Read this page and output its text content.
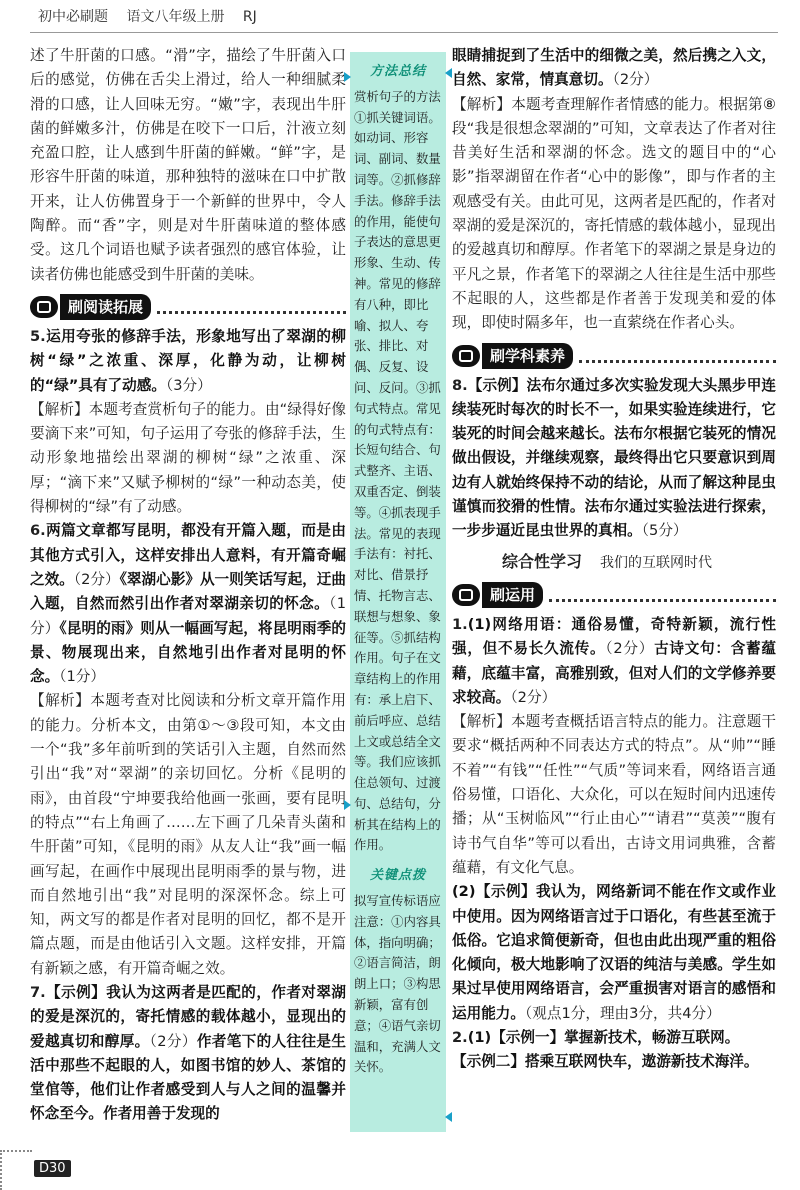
初中必刷题 语文八年级上册 RJ

述了牛肝菌的口感。“滑”字，描绘了牛肝菌入口后的感觉，仿佛在舌尖上滑过，给人一种细腻柔滑的口感，让人回味无穷。“嫩”字，表现出牛肝菌的鲜嫩多汁，仿佛是在咬下一口后，汁液立刻充盈口腔，让人感到牛肝菌的鲜嫩。“鲜”字，是形容牛肝菌的味道，那种独特的滋味在口中扩散开来，让人仿佛置身于一个新鲜的世界中，令人陶醉。而“香”字，则是对牛肝菌味道的整体感受。这几个词语也赋予读者强烈的感官体验，让读者仿佛也能感受到牛肝菌的美味。

刷阅读拓展

5.运用夸张的修辞手法，形象地写出了翠湖的柳树“绿”之浓重、深厚，化静为动，让柳树的“绿”具有了动感。（3分）

【解析】本题考查赏析句子的能力。由“绿得好像要滴下来”可知，句子运用了夸张的修辞手法，生动形象地描绘出翠湖的柳树“绿”之浓重、深厚；“滴下来”又赋予柳树的“绿”一种动态美，使得柳树的“绿”有了动感。

6.两篇文章都写昆明，都没有开篇入题，而是由其他方式引入，这样安排出人意料，有开篇奇崛之效。（2分）《翠湖心影》从一则笑话写起，迂曲入题，自然而然引出作者对翠湖亲切的怀念。（1分）《昆明的雨》则从一幅画写起，将昆明雨季的景、物展现出来，自然地引出作者对昆明的怀念。（1分）

【解析】本题考查对比阅读和分析文章开篇作用的能力。分析本文，由第①～③段可知，本文由一个“我”多年前听到的笑话引入主题，自然而然引出“我”对“翠湖”的亲切回忆。分析《昆明的雨》，由首段“宁坤要我给他画一张画，要有昆明的特点”“右上角画了……左下画了几朵青头菌和牛肝菌”可知，《昆明的雨》从友人让“我”画一幅画写起，在画作中展现出昆明雨季的景与物，进而自然地引出“我”对昆明的深深怀念。综上可知，两文写的都是作者对昆明的回忆，都不是开篇点题，而是由他话引入文题。这样安排，开篇有新颖之感，有开篇奇崛之效。

7.【示例】我认为这两者是匹配的，作者对翠湖的爱是深沉的，寄托情感的载体越小，显现出的爱越真切和醇厚。（2分）作者笔下的人往往是生活中那些不起眼的人，如图书馆的妙人、茶馆的堂倌等，他们让作者感受到人与人之间的温馨并怀念至今。作者用善于发现的

方法总结

赏析句子的方法①抓关键词语。如动词、形容词、副词、数量词等。②抓修辞手法。修辞手法的作用，能使句子表达的意思更形象、生动、传神。常见的修辞有八种，即比喻、拟人、夸张、排比、对偶、反复、设问、反问。③抓句式特点。常见的句式特点有：长短句结合、句式整齐、主语、双重否定、倒装等。④抓表现手法。常见的表现手法有：衬托、对比、借景抒情、托物言志、联想与想象、象征等。⑤抓结构作用。句子在文章结构上的作用有：承上启下、前后呼应、总结上文或总结全文等。我们应该抓住总领句、过渡句、总结句，分析其在结构上的作用。

关键点拨

拟写宣传标语应注意：①内容具体，指向明确；②语言简洁，朗朗上口；③构思新颖，富有创意；④语气亲切温和，充满人文关怀。

眼睛捕捉到了生活中的细微之美，然后携之入文，自然、家常，情真意切。（2分）

【解析】本题考查理解作者情感的能力。根据第⑧段“我是很想念翠湖的”可知，文章表达了作者对往昔美好生活和翠湖的怀念。选文的题目中的“心影”指翠湖留在作者“心中的影像”，即与作者的主观感受有关。由此可见，这两者是匹配的，作者对翠湖的爱是深沉的，寄托情感的载体越小，显现出的爱越真切和醇厚。作者笔下的翠湖之景是身边的平凡之景，作者笔下的翠湖之人往往是生活中那些不起眼的人，这些都是作者善于发现美和爱的体现，即使时隔多年，也一直萦绕在作者心头。

刷学科素养

8.【示例】法布尔通过多次实验发现大头黑步甲连续装死时每次的时长不一，如果实验连续进行，它装死的时间会越来越长。法布尔根据它装死的情况做出假设，并继续观察，最终得出它只要意识到周边有人就始终保持不动的结论，从而了解这种昆虫谨慎而狡猾的性情。法布尔通过实验法进行探索，一步步逼近昆虫世界的真相。（5分）

综合性学习 我们的互联网时代
刷运用

1.(1)网络用语：通俗易懂，奇特新颖，流行性强，但不易长久流传。（2分）古诗文句：含蓄蕴藉，底蕴丰富，高雅别致，但对人们的文学修养要求较高。（2分）

【解析】本题考查概括语言特点的能力。注意题干要求“概括两种不同表达方式的特点”。从“帅”“睡不着”“有钱”“任性”“气质”等词来看，网络语言通俗易懂，口语化、大众化，可以在短时间内迅速传播；从“玉树临风”“行止由心”“请君”“莫羡”“腹有诗书气自华”等可以看出，古诗文用词典雅，含蓄蕴藉，有文化气息。

(2)【示例】我认为，网络新词不能在作文或作业中使用。因为网络语言过于口语化，有些甚至流于低俗。它追求简便新奇，但也由此出现严重的粗俗化倾向，极大地影响了汉语的纯洁与美感。学生如果过早使用网络语言，会严重损害对语言的感悟和运用能力。（观点1分，理由3分，共4分）

2.(1)【示例一】掌握新技术，畅游互联网。

【示例二】搭乘互联网快车，遨游新技术海洋。

D30
